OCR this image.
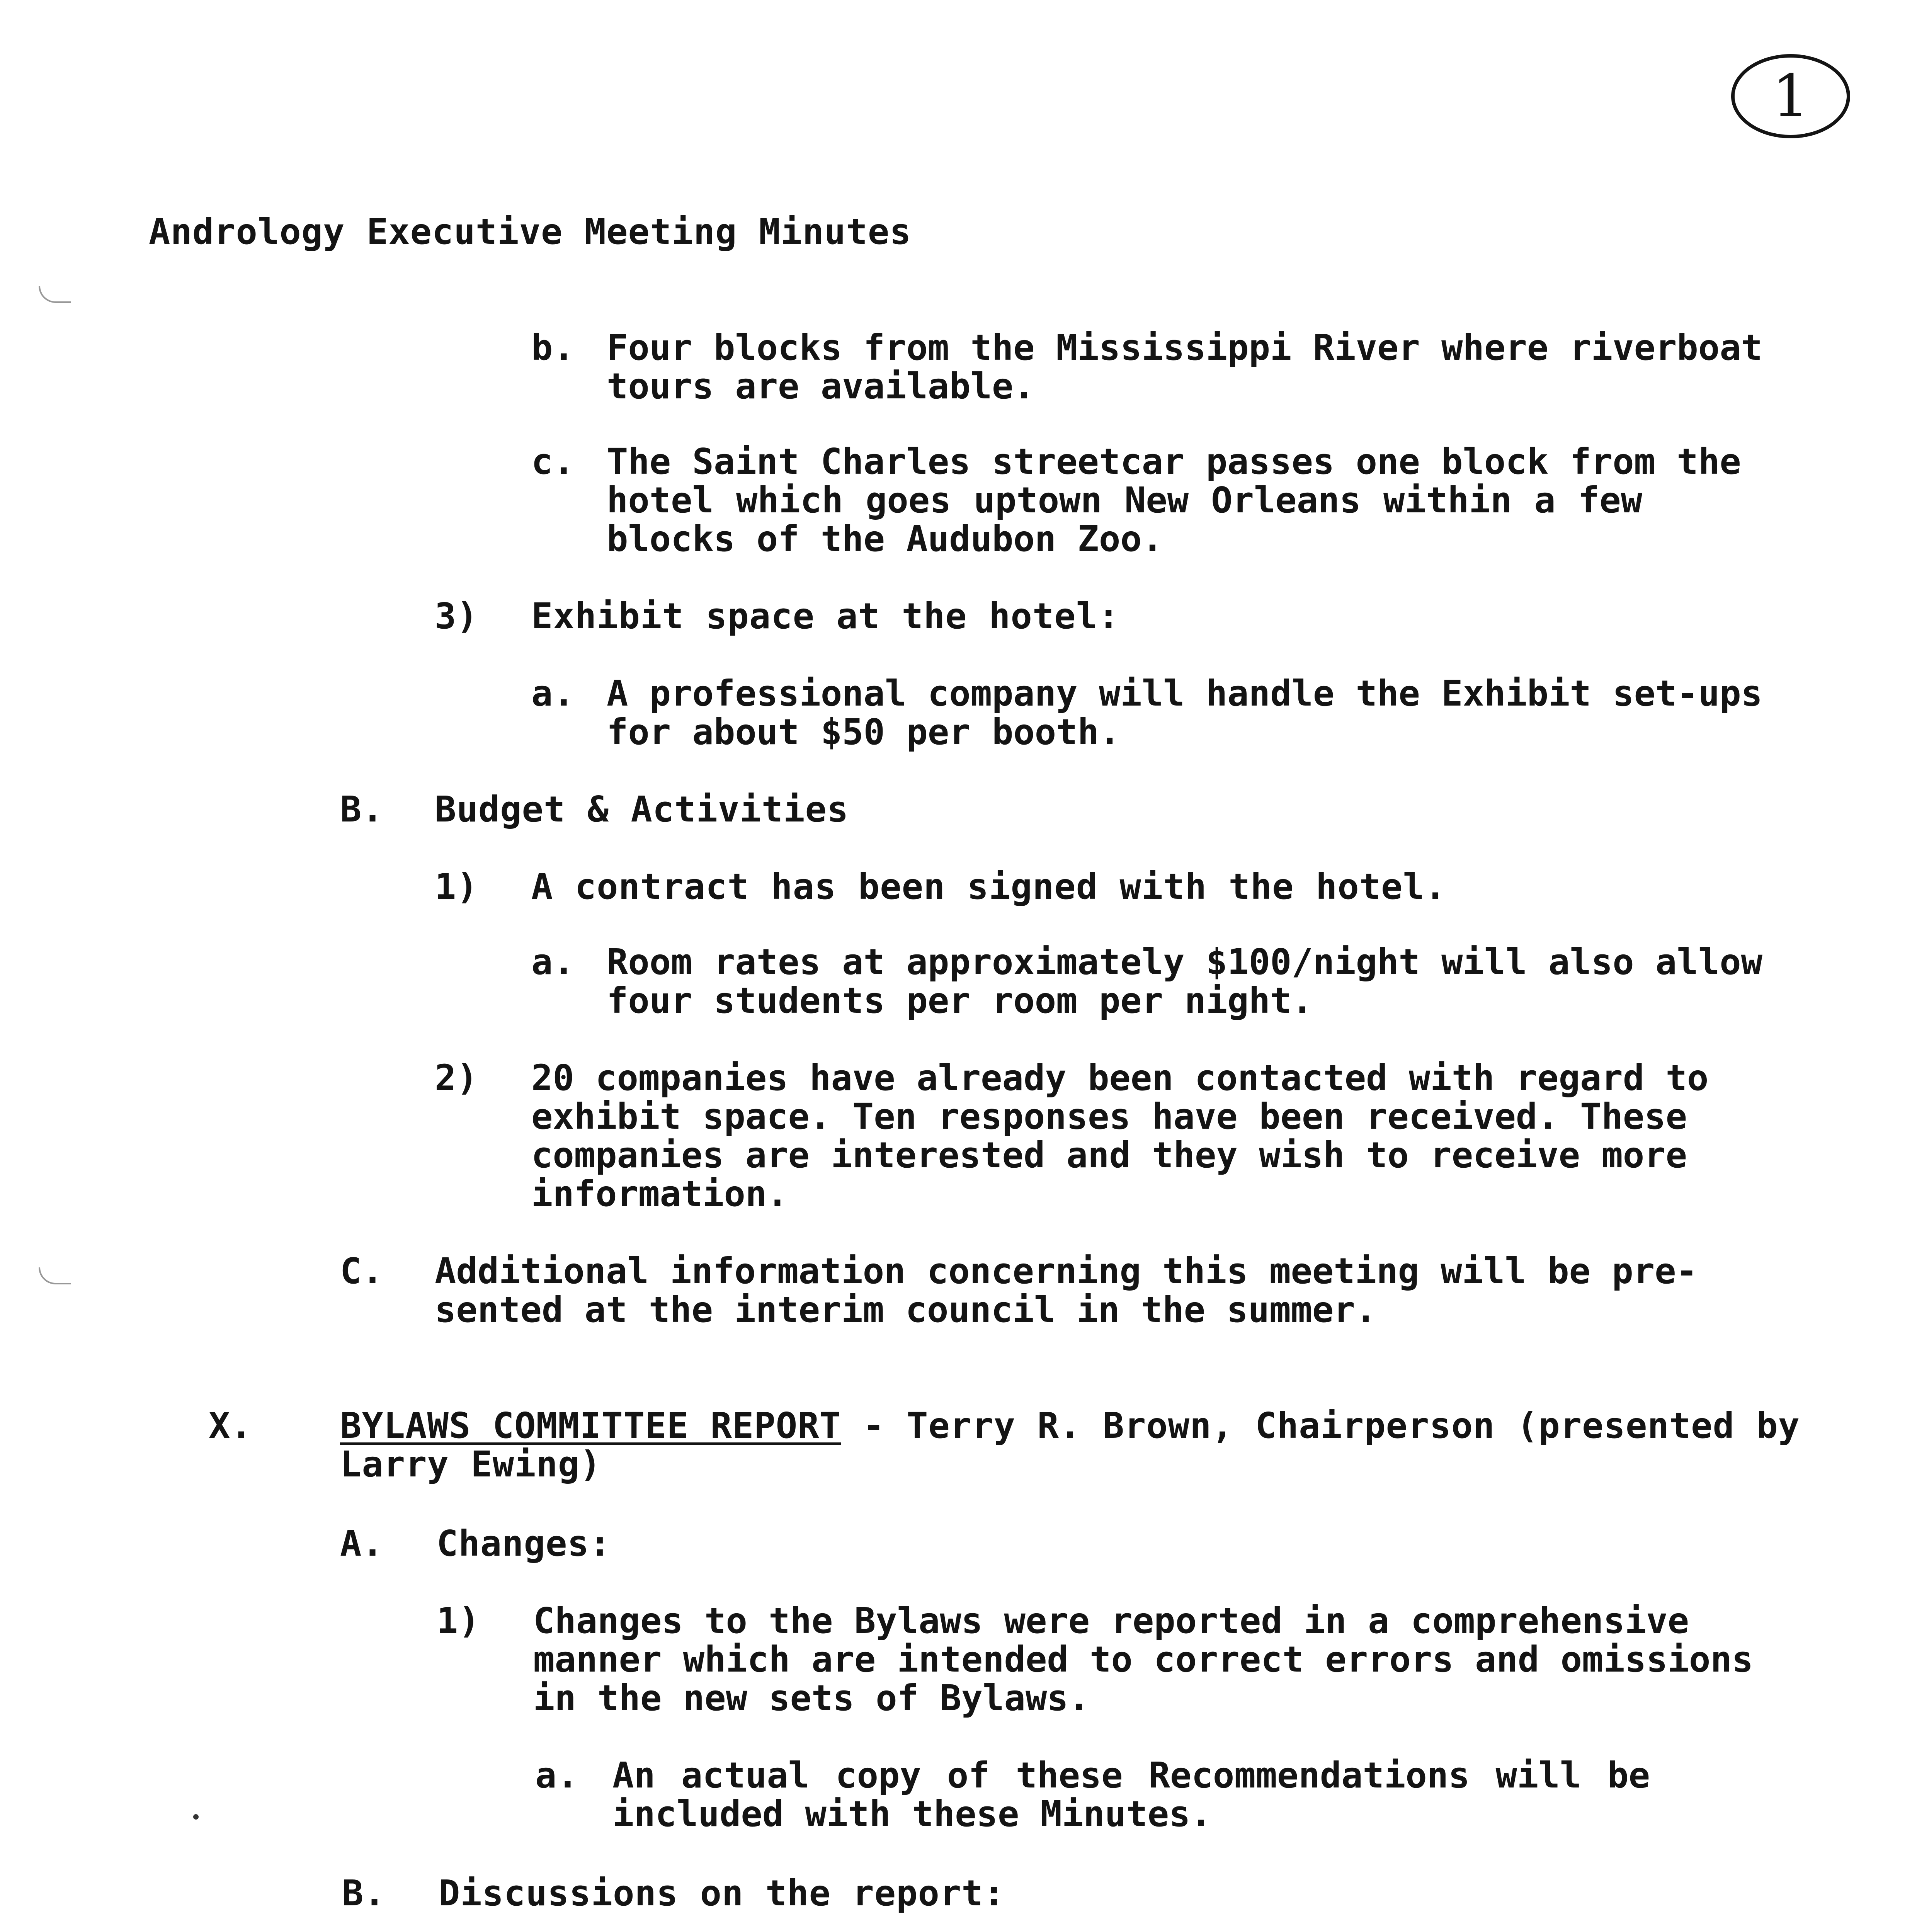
1
Andrology Executive Meeting Minutes
b. Four blocks from the Mississippi River where riverboat
tours are available.
c. The Saint Charles streetcar passes one block from the
hotel which goes uptown New Orleans within a few
blocks of the Audubon Zoo.
3) Exhibit space at the hotel:
a. A professional company will handle the Exhibit set-ups
for about $50 per booth.
B. Budget & Activities
1) A contract has been signed with the hotel.
a. Room rates at approximately $100/night will also allow
four students per room per night.
2) 20 companies have already been contacted with regard to
exhibit space. Ten responses have been received. These
companies are interested and they wish to receive more
information.
C. Additional information concerning this meeting will be pre-
sented at the interim council in the summer.
X. BYLAWS COMMITTEE REPORT - Terry R. Brown, Chairperson (presented by
Larry Ewing)
A. Changes:
1) Changes to the Bylaws were reported in a comprehensive
manner which are intended to correct errors and omissions
in the new sets of Bylaws.
a. An actual copy of these Recommendations will be
included with these Minutes.
B. Discussions on the report:
